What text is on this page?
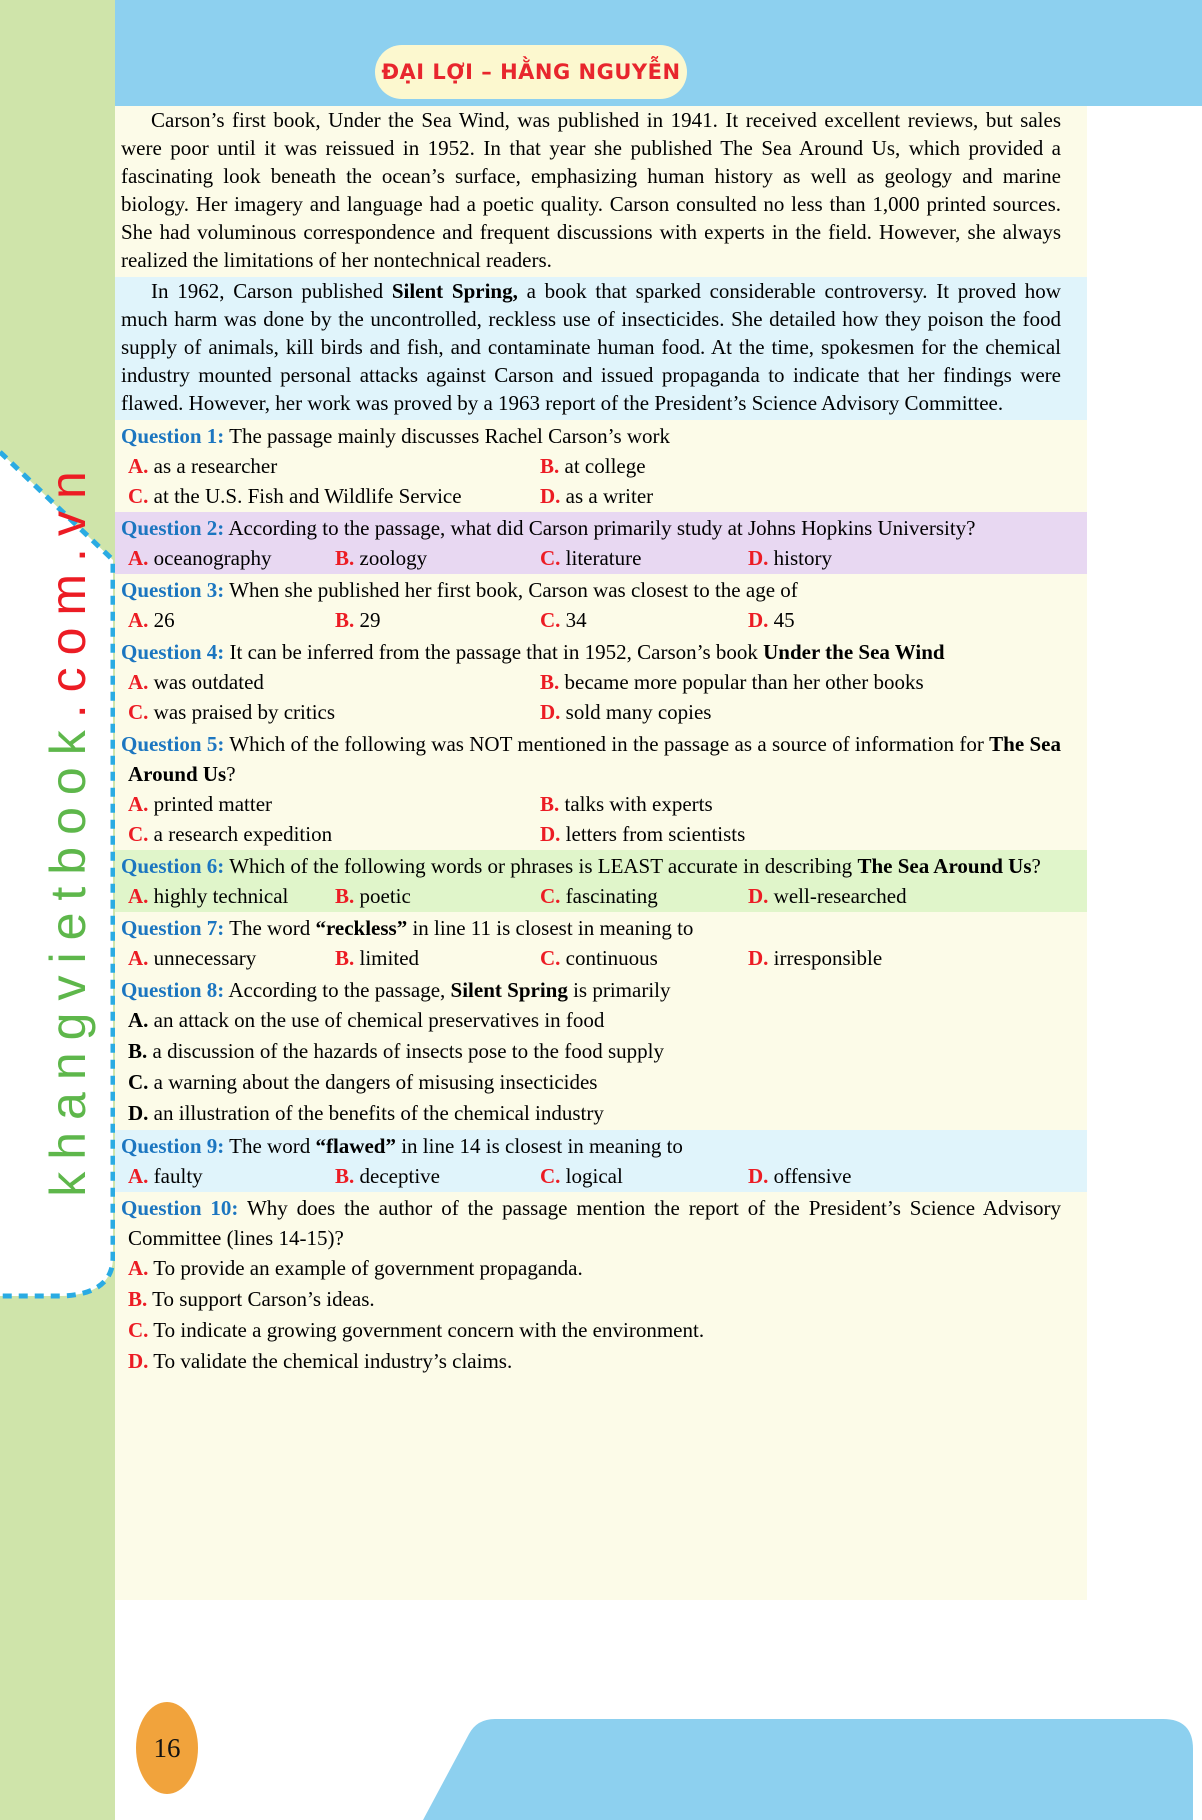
khangvietbook.com.vn
ĐẠI LỢI – HẰNG NGUYỄN

Carson’s first book, Under the Sea Wind, was published in 1941. It received excellent reviews, but sales were poor until it was reissued in 1952. In that year she published The Sea Around Us, which provided a fascinating look beneath the ocean’s surface, emphasizing human history as well as geology and marine biology. Her imagery and language had a poetic quality. Carson consulted no less than 1,000 printed sources. She had voluminous correspondence and frequent discussions with experts in the field. However, she always realized the limitations of her nontechnical readers.

In 1962, Carson published Silent Spring, a book that sparked considerable controversy. It proved how much harm was done by the uncontrolled, reckless use of insecticides. She detailed how they poison the food supply of animals, kill birds and fish, and contaminate human food. At the time, spokesmen for the chemical industry mounted personal attacks against Carson and issued propaganda to indicate that her findings were flawed. However, her work was proved by a 1963 report of the President’s Science Advisory Committee.

Question 1: The passage mainly discusses Rachel Carson’s work
A. as a researcher	B. at college
C. at the U.S. Fish and Wildlife Service	D. as a writer
Question 2: According to the passage, what did Carson primarily study at Johns Hopkins University?
A. oceanography	B. zoology	C. literature	D. history
Question 3: When she published her first book, Carson was closest to the age of
A. 26	B. 29	C. 34	D. 45
Question 4: It can be inferred from the passage that in 1952, Carson’s book Under the Sea Wind
A. was outdated	B. became more popular than her other books
C. was praised by critics	D. sold many copies
Question 5: Which of the following was NOT mentioned in the passage as a source of information for The Sea Around Us?
A. printed matter	B. talks with experts
C. a research expedition	D. letters from scientists
Question 6: Which of the following words or phrases is LEAST accurate in describing The Sea Around Us?
A. highly technical	B. poetic	C. fascinating	D. well-researched
Question 7: The word “reckless” in line 11 is closest in meaning to
A. unnecessary	B. limited	C. continuous	D. irresponsible
Question 8: According to the passage, Silent Spring is primarily
A. an attack on the use of chemical preservatives in food
B. a discussion of the hazards of insects pose to the food supply
C. a warning about the dangers of misusing insecticides
D. an illustration of the benefits of the chemical industry
Question 9: The word “flawed” in line 14 is closest in meaning to
A. faulty	B. deceptive	C. logical	D. offensive
Question 10: Why does the author of the passage mention the report of the President’s Science Advisory Committee (lines 14-15)?
A. To provide an example of government propaganda.
B. To support Carson’s ideas.
C. To indicate a growing government concern with the environment.
D. To validate the chemical industry’s claims.
16
